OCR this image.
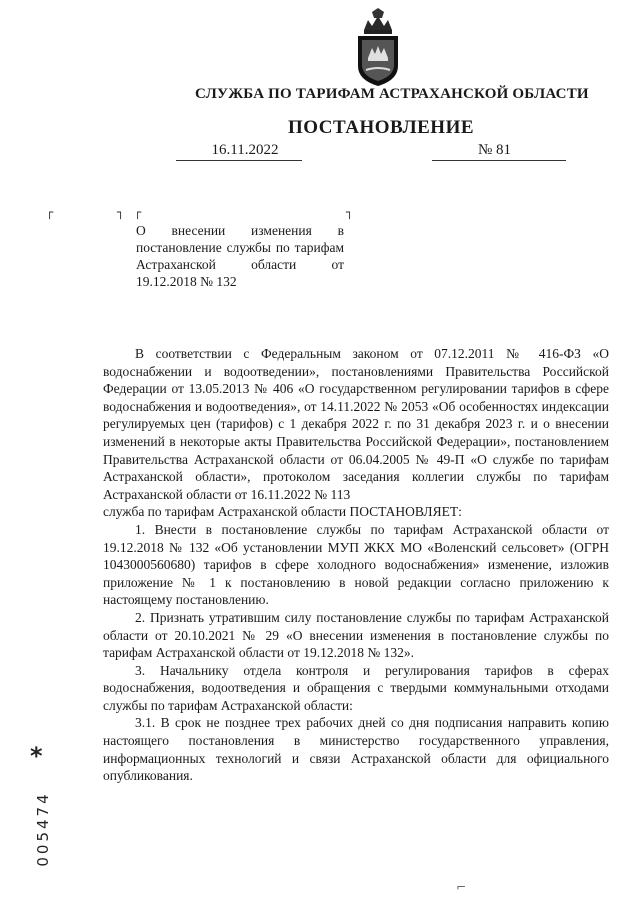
СЛУЖБА ПО ТАРИФАМ АСТРАХАНСКОЙ ОБЛАСТИ
ПОСТАНОВЛЕНИЕ
16.11.2022	№ 81
┌	┐ ┌	┐

О внесении изменения в постановление службы по тарифам Астраханской области от 19.12.2018 № 132

В соответствии с Федеральным законом от 07.12.2011 № 416-ФЗ «О водоснабжении и водоотведении», постановлениями Правительства Российской Федерации от 13.05.2013 № 406 «О государственном регулировании тарифов в сфере водоснабжения и водоотведения», от 14.11.2022 № 2053 «Об особенностях индексации регулируемых цен (тарифов) с 1 декабря 2022 г. по 31 декабря 2023 г. и о внесении изменений в некоторые акты Правительства Российской Федерации», постановлением Правительства Астраханской области от 06.04.2005 № 49-П «О службе по тарифам Астраханской области», протоколом заседания коллегии службы по тарифам Астраханской области от 16.11.2022 № 113

служба по тарифам Астраханской области ПОСТАНОВЛЯЕТ:

1. Внести в постановление службы по тарифам Астраханской области от 19.12.2018 № 132 «Об установлении МУП ЖКХ МО «Воленский сельсовет» (ОГРН 1043000560680) тарифов в сфере холодного водоснабжения» изменение, изложив приложение № 1 к постановлению в новой редакции согласно приложению к настоящему постановлению.

2. Признать утратившим силу постановление службы по тарифам Астраханской области от 20.10.2021 № 29 «О внесении изменения в постановление службы по тарифам Астраханской области от 19.12.2018 № 132».

3. Начальнику отдела контроля и регулирования тарифов в сферах водоснабжения, водоотведения и обращения с твердыми коммунальными отходами службы по тарифам Астраханской области:

3.1. В срок не позднее трех рабочих дней со дня подписания направить копию настоящего постановления в министерство государственного управления, информационных технологий и связи Астраханской области для официального опубликования.

*
005474
⌐
